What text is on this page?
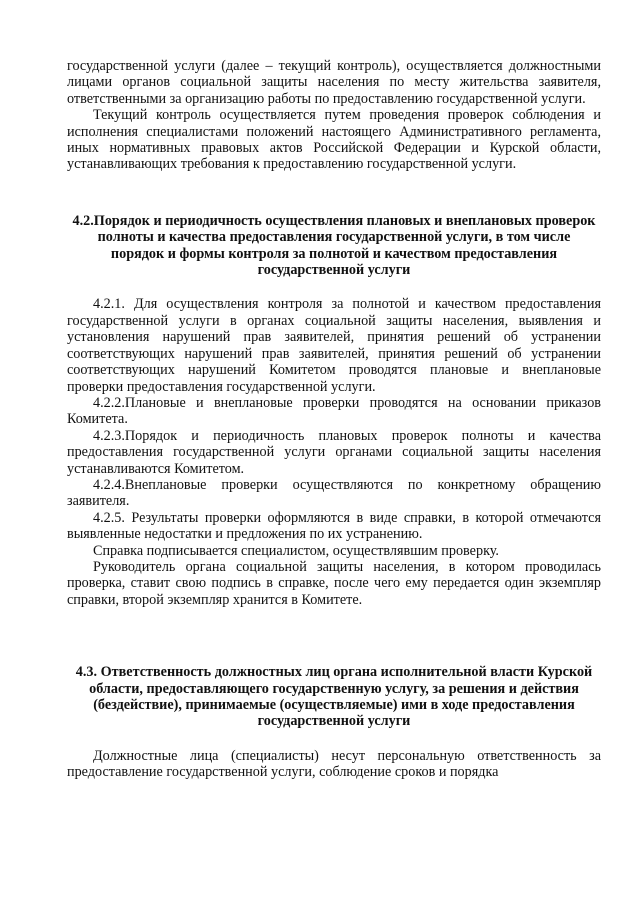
государственной услуги (далее – текущий контроль), осуществляется должностными лицами органов социальной защиты населения по месту жительства заявителя, ответственными за организацию работы по предоставлению государственной услуги.

Текущий контроль осуществляется путем проведения проверок соблюдения и исполнения специалистами положений настоящего Административного регламента, иных нормативных правовых актов Российской Федерации и Курской области, устанавливающих требования к предоставлению государственной услуги.

4.2.Порядок и периодичность осуществления плановых и внеплановых проверок полноты и качества предоставления государственной услуги, в том числе порядок и формы контроля за полнотой и качеством предоставления государственной услуги

4.2.1. Для осуществления контроля за полнотой и качеством предоставления государственной услуги в органах социальной защиты населения, выявления и установления нарушений прав заявителей, принятия решений об устранении соответствующих нарушений прав заявителей, принятия решений об устранении соответствующих нарушений Комитетом проводятся плановые и внеплановые проверки предоставления государственной услуги.

4.2.2.Плановые и внеплановые проверки проводятся на основании приказов Комитета.

4.2.3.Порядок и периодичность плановых проверок полноты и качества предоставления государственной услуги органами социальной защиты населения устанавливаются Комитетом.

4.2.4.Внеплановые проверки осуществляются по конкретному обращению заявителя.

4.2.5. Результаты проверки оформляются в виде справки, в которой отмечаются выявленные недостатки и предложения по их устранению.

Справка подписывается специалистом, осуществлявшим проверку.

Руководитель органа социальной защиты населения, в котором проводилась проверка, ставит свою подпись в справке, после чего ему передается один экземпляр справки, второй экземпляр хранится в Комитете.

4.3. Ответственность должностных лиц органа исполнительной власти Курской области, предоставляющего государственную услугу, за решения и действия (бездействие), принимаемые (осуществляемые) ими в ходе предоставления государственной услуги

Должностные лица (специалисты) несут персональную ответственность за предоставление государственной услуги, соблюдение сроков и порядка
